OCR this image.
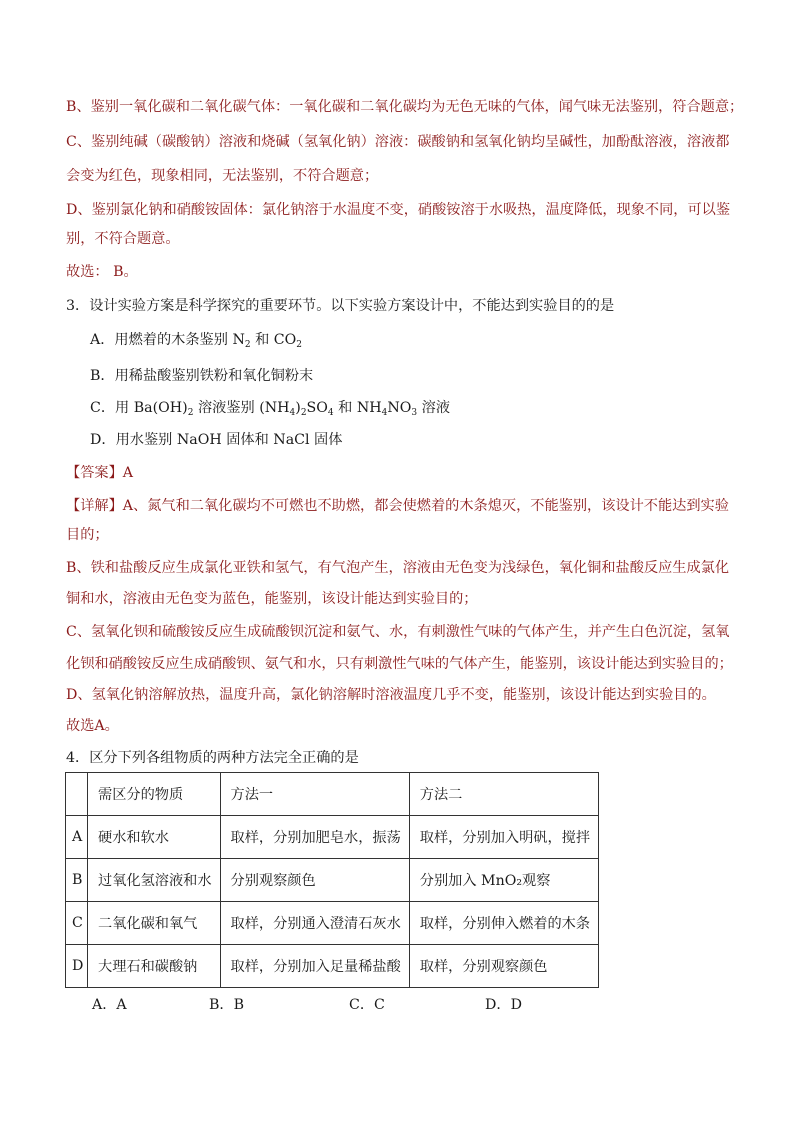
B、鉴别一氧化碳和二氧化碳气体：一氧化碳和二氧化碳均为无色无味的气体，闻气味无法鉴别，符合题意；
C、鉴别纯碱（碳酸钠）溶液和烧碱（氢氧化钠）溶液：碳酸钠和氢氧化钠均呈碱性，加酚酞溶液，溶液都
会变为红色，现象相同，无法鉴别，不符合题意；
D、鉴别氯化钠和硝酸铵固体：氯化钠溶于水温度不变，硝酸铵溶于水吸热，温度降低，现象不同，可以鉴
别，不符合题意。
故选： B。
3．设计实验方案是科学探究的重要环节。以下实验方案设计中，不能达到实验目的的是
A．用燃着的木条鉴别 $N_2$ 和 $CO_2$
B．用稀盐酸鉴别铁粉和氧化铜粉末
C．用 $Ba(OH)_2$ 溶液鉴别 $(NH_4)_2SO_4$ 和 $NH_4NO_3$ 溶液
D．用水鉴别 NaOH 固体和 NaCl 固体
【答案】A
【详解】A、氮气和二氧化碳均不可燃也不助燃，都会使燃着的木条熄灭，不能鉴别，该设计不能达到实验
目的；
B、铁和盐酸反应生成氯化亚铁和氢气，有气泡产生，溶液由无色变为浅绿色，氧化铜和盐酸反应生成氯化
铜和水，溶液由无色变为蓝色，能鉴别，该设计能达到实验目的；
C、氢氧化钡和硫酸铵反应生成硫酸钡沉淀和氨气、水，有刺激性气味的气体产生，并产生白色沉淀，氢氧
化钡和硝酸铵反应生成硝酸钡、氨气和水，只有刺激性气味的气体产生，能鉴别，该设计能达到实验目的；
D、氢氧化钠溶解放热，温度升高，氯化钠溶解时溶液温度几乎不变，能鉴别，该设计能达到实验目的。
故选A。
4．区分下列各组物质的两种方法完全正确的是
	需区分的物质	方法一	方法二
A	硬水和软水	取样，分别加肥皂水，振荡	取样，分别加入明矾，搅拌
B	过氧化氢溶液和水	分别观察颜色	分别加入 MnO₂观察
C	二氧化碳和氧气	取样，分别通入澄清石灰水	取样，分别伸入燃着的木条
D	大理石和碳酸钠	取样，分别加入足量稀盐酸	取样，分别观察颜色
A．A	B．B	C．C	D．D
